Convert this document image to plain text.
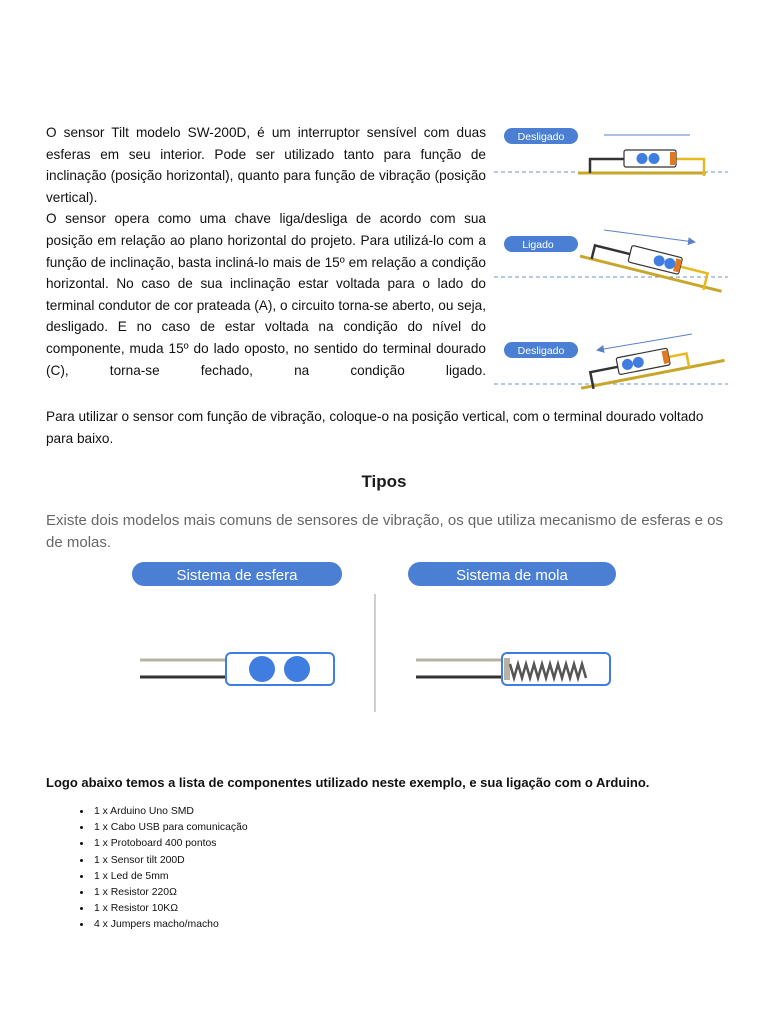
O sensor Tilt modelo SW-200D, é um interruptor sensível com duas esferas em seu interior. Pode ser utilizado tanto para função de inclinação (posição horizontal), quanto para função de vibração (posição vertical).

O sensor opera como uma chave liga/desliga de acordo com sua posição em relação ao plano horizontal do projeto. Para utilizá-lo com a função de inclinação, basta incliná-lo mais de 15º em relação a condição horizontal. No caso de sua inclinação estar voltada para o lado do terminal condutor de cor prateada (A), o circuito torna-se aberto, ou seja, desligado. E no caso de estar voltada na condição do nível do componente, muda 15º do lado oposto, no sentido do terminal dourado (C), torna-se fechado, na condição ligado.

Para utilizar o sensor com função de vibração, coloque-o na posição vertical, com o terminal dourado voltado para baixo.

Desligado
Ligado
Desligado
Tipos
Existe dois modelos mais comuns de sensores de vibração, os que utiliza mecanismo de esferas e os de molas.
Sistema de esfera	Sistema de mola
Logo abaixo temos a lista de componentes utilizado neste exemplo, e sua ligação com o Arduino.
• 1 x Arduino Uno SMD
• 1 x Cabo USB para comunicação
• 1 x Protoboard 400 pontos
• 1 x Sensor tilt 200D
• 1 x Led de 5mm
• 1 x Resistor 220Ω
• 1 x Resistor 10KΩ
• 4 x Jumpers macho/macho
